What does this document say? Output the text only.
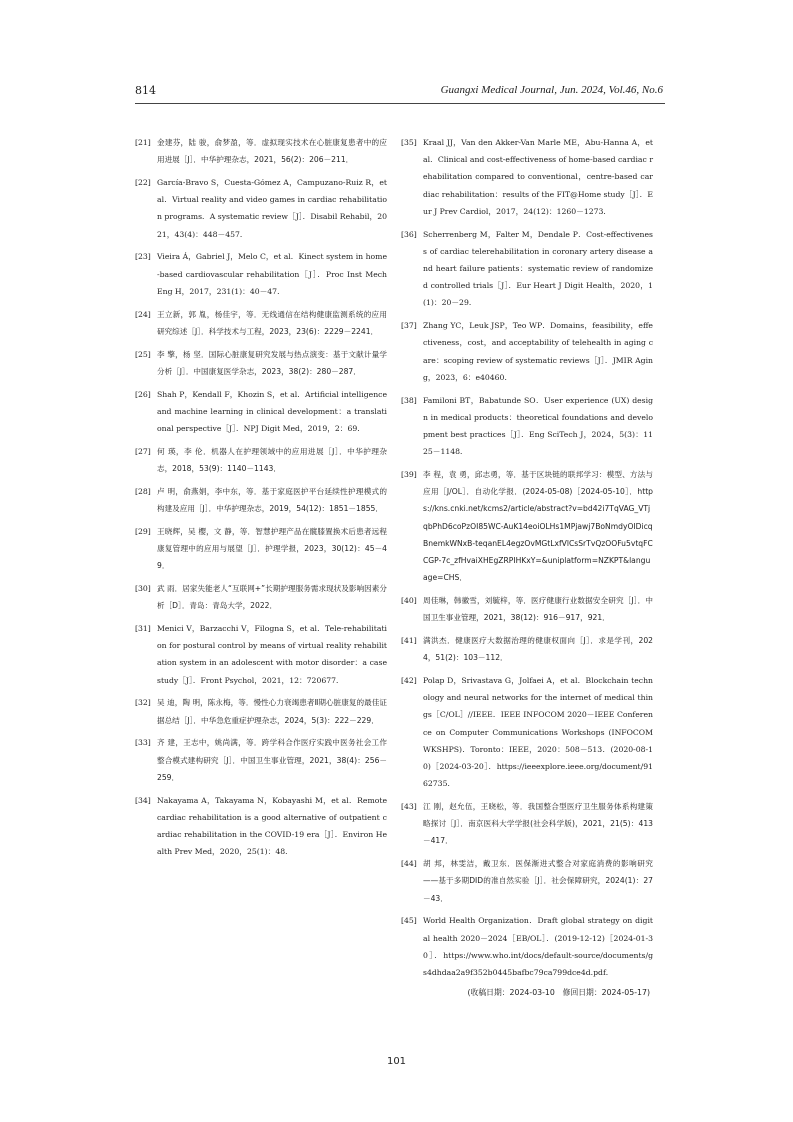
814	Guangxi Medical Journal, Jun. 2024, Vol.46, No.6
[21] 金建芬，陆 骏，俞梦盈，等．虚拟现实技术在心脏康复患者中的应用进展［J］．中华护理杂志，2021，56(2)：206－211．
[22] García-Bravo S，Cuesta-Gómez A，Campuzano-Ruiz R，et al．Virtual reality and video games in cardiac rehabilitation programs．A systematic review［J］．Disabil Rehabil，2021，43(4)：448－457．
[23] Vieira Á，Gabriel J，Melo C，et al．Kinect system in home-based cardiovascular rehabilitation［J］．Proc Inst Mech Eng H，2017，231(1)：40－47．
[24] 王立新，郭 胤，杨佳宇，等．无线通信在结构健康监测系统的应用研究综述［J］．科学技术与工程，2023，23(6)：2229－2241．
[25] 李 擎，杨 坚．国际心脏康复研究发展与热点演变：基于文献计量学分析［J］．中国康复医学杂志，2023，38(2)：280－287．
[26] Shah P，Kendall F，Khozin S，et al．Artificial intelligence and machine learning in clinical development：a translational perspective［J］．NPJ Digit Med，2019，2：69．
[27] 何 瑛，李 伦．机器人在护理领域中的应用进展［J］．中华护理杂志，2018，53(9)：1140－1143．
[28] 卢 明，俞燕娟，李中东，等．基于家庭医护平台延续性护理模式的构建及应用［J］．中华护理杂志，2019，54(12)：1851－1855．
[29] 王晓辉，吴 樱，文 静，等．智慧护理产品在髋膝置换术后患者远程康复管理中的应用与展望［J］．护理学报，2023，30(12)：45－49．
[30] 武 雨．居家失能老人“互联网+”长期护理服务需求现状及影响因素分析［D］．青岛：青岛大学，2022．
[31] Menici V，Barzacchi V，Filogna S，et al．Tele-rehabilitation for postural control by means of virtual reality rehabilitation system in an adolescent with motor disorder：a case study［J］．Front Psychol，2021，12：720677．
[32] 吴 迪，陶 明，陈永梅，等．慢性心力衰竭患者Ⅱ期心脏康复的最佳证据总结［J］．中华急危重症护理杂志，2024，5(3)：222－229．
[33] 齐 建，王志中，姚尚满，等．跨学科合作医疗实践中医务社会工作整合模式建构研究［J］．中国卫生事业管理，2021，38(4)：256－259．
[34] Nakayama A，Takayama N，Kobayashi M，et al．Remote cardiac rehabilitation is a good alternative of outpatient cardiac rehabilitation in the COVID-19 era［J］．Environ Health Prev Med，2020，25(1)：48．
[35] Kraal JJ，Van den Akker-Van Marle ME，Abu-Hanna A，et al．Clinical and cost-effectiveness of home-based cardiac rehabilitation compared to conventional，centre-based cardiac rehabilitation：results of the FIT@Home study［J］．Eur J Prev Cardiol，2017，24(12)：1260－1273．
[36] Scherrenberg M，Falter M，Dendale P．Cost-effectiveness of cardiac telerehabilitation in coronary artery disease and heart failure patients：systematic review of randomized controlled trials［J］．Eur Heart J Digit Health，2020，1(1)：20－29．
[37] Zhang YC，Leuk JSP，Teo WP．Domains，feasibility，effectiveness，cost，and acceptability of telehealth in aging care：scoping review of systematic reviews［J］．JMIR Aging，2023，6：e40460．
[38] Familoni BT，Babatunde SO．User experience (UX) design in medical products：theoretical foundations and development best practices［J］．Eng SciTech J，2024，5(3)：1125－1148．
[39] 李 程，袁 勇，邱志勇，等．基于区块链的联邦学习：模型、方法与应用［J/OL］．自动化学报．(2024-05-08)［2024-05-10］．https://kns.cnki.net/kcms2/article/abstract?v=bd42i7TqVAG_VTjqbPhD6coPzOI85WC-AuK14eoiOLHs1MPjawj7BoNmdyOIDicqBnemkWNxB-teqanEL4egzOvMGtLxfVlCsSrTvQzOOFu5vtqFCCGP-7c_zfHvaiXHEgZRPIHKxY=&uniplatform=NZKPT&language=CHS．
[40] 周佳琳，韩徽雪，刘毓梓，等．医疗健康行业数据安全研究［J］．中国卫生事业管理，2021，38(12)：916－917，921．
[41] 满洪杰．健康医疗大数据治理的健康权面向［J］．求是学刊，2024，51(2)：103－112．
[42] Polap D，Srivastava G，Jolfaei A，et al．Blockchain technology and neural networks for the internet of medical things［C/OL］//IEEE．IEEE INFOCOM 2020－IEEE Conference on Computer Communications Workshops (INFOCOM WKSHPS)．Toronto：IEEE，2020：508－513．(2020-08-10)［2024-03-20］．https://ieeexplore.ieee.org/document/9162735．
[43] 江 刚，赵允伍，王晓松，等．我国整合型医疗卫生服务体系构建策略探讨［J］．南京医科大学学报(社会科学版)，2021，21(5)：413－417．
[44] 胡 邦，林雯洁，戴卫东．医保渐进式整合对家庭消费的影响研究——基于多期DID的准自然实验［J］．社会保障研究，2024(1)：27－43．
[45] World Health Organization．Draft global strategy on digital health 2020－2024［EB/OL］．(2019-12-12)［2024-01-30］．https://www.who.int/docs/default-source/documents/gs4dhdaa2a9f352b0445bafbc79ca799dce4d.pdf．
(收稿日期：2024-03-10　修回日期：2024-05-17)
101
